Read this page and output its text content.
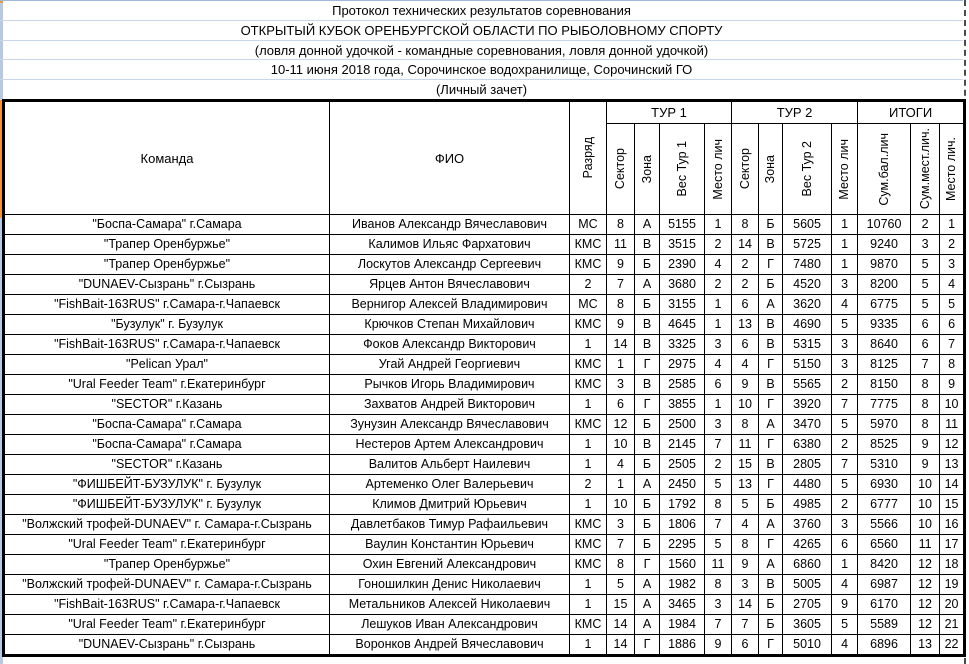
Протокол технических результатов соревнования
ОТКРЫТЫЙ КУБОК ОРЕНБУРГСКОЙ ОБЛАСТИ ПО РЫБОЛОВНОМУ СПОРТУ
(ловля донной удочкой - командные соревнования, ловля донной удочкой)
10-11 июня 2018 года, Сорочинское водохранилище, Сорочинский ГО
(Личный зачет)
Команда	ФИО	Разряд	ТУР 1				ТУР 2				ИТОГИ		

			Сектор	Зона	Вес Тур 1	Место лич	Сектор	Зона	Вес Тур 2	Место лич	Сум.бал.лич	Сум.мест.лич.	Место лич.

"Боспа-Самара" г.Самара	Иванов Александр Вячеславович	МС	8	А	5155	1	8	Б	5605	1	10760	2	1
"Трапер Оренбуржье"	Калимов Ильяс Фархатович	КМС	11	В	3515	2	14	В	5725	1	9240	3	2
"Трапер Оренбуржье"	Лоскутов Александр Сергеевич	КМС	9	Б	2390	4	2	Г	7480	1	9870	5	3
"DUNAEV-Сызрань" г.Сызрань	Ярцев Антон Вячеславович	2	7	А	3680	2	2	Б	4520	3	8200	5	4
"FishBait-163RUS" г.Самара-г.Чапаевск	Вернигор Алексей Владимирович	МС	8	Б	3155	1	6	А	3620	4	6775	5	5
"Бузулук" г. Бузулук	Крючков Степан Михайлович	КМС	9	В	4645	1	13	В	4690	5	9335	6	6
"FishBait-163RUS" г.Самара-г.Чапаевск	Фоков Александр Викторович	1	14	В	3325	3	6	В	5315	3	8640	6	7
"Pelican Урал"	Угай Андрей Георгиевич	КМС	1	Г	2975	4	4	Г	5150	3	8125	7	8
"Ural Feeder Team" г.Екатеринбург	Рычков Игорь Владимирович	КМС	3	В	2585	6	9	В	5565	2	8150	8	9
"SECTOR" г.Казань	Захватов Андрей Викторович	1	6	Г	3855	1	10	Г	3920	7	7775	8	10
"Боспа-Самара" г.Самара	Зунузин Александр Вячеславович	КМС	12	Б	2500	3	8	А	3470	5	5970	8	11
"Боспа-Самара" г.Самара	Нестеров Артем Александрович	1	10	В	2145	7	11	Г	6380	2	8525	9	12
"SECTOR" г.Казань	Валитов Альберт Наилевич	1	4	Б	2505	2	15	В	2805	7	5310	9	13
"ФИШБЕЙТ-БУЗУЛУК" г. Бузулук	Артеменко Олег Валерьевич	2	1	А	2450	5	13	Г	4480	5	6930	10	14
"ФИШБЕЙТ-БУЗУЛУК" г. Бузулук	Климов Дмитрий Юрьевич	1	10	Б	1792	8	5	Б	4985	2	6777	10	15
"Волжский трофей-DUNAEV" г. Самара-г.Сызрань	Давлетбаков Тимур Рафаильевич	КМС	3	Б	1806	7	4	А	3760	3	5566	10	16
"Ural Feeder Team" г.Екатеринбург	Ваулин Константин Юрьевич	КМС	7	Б	2295	5	8	Г	4265	6	6560	11	17
"Трапер Оренбуржье"	Охин Евгений Александрович	КМС	8	Г	1560	11	9	А	6860	1	8420	12	18
"Волжский трофей-DUNAEV" г. Самара-г.Сызрань	Гоношилкин Денис Николаевич	1	5	А	1982	8	3	В	5005	4	6987	12	19
"FishBait-163RUS" г.Самара-г.Чапаевск	Метальников Алексей Николаевич	1	15	А	3465	3	14	Б	2705	9	6170	12	20
"Ural Feeder Team" г.Екатеринбург	Лешуков Иван Александрович	КМС	14	А	1984	7	7	Б	3605	5	5589	12	21
"DUNAEV-Сызрань" г.Сызрань	Воронков Андрей Вячеславович	1	14	Г	1886	9	6	Г	5010	4	6896	13	22
